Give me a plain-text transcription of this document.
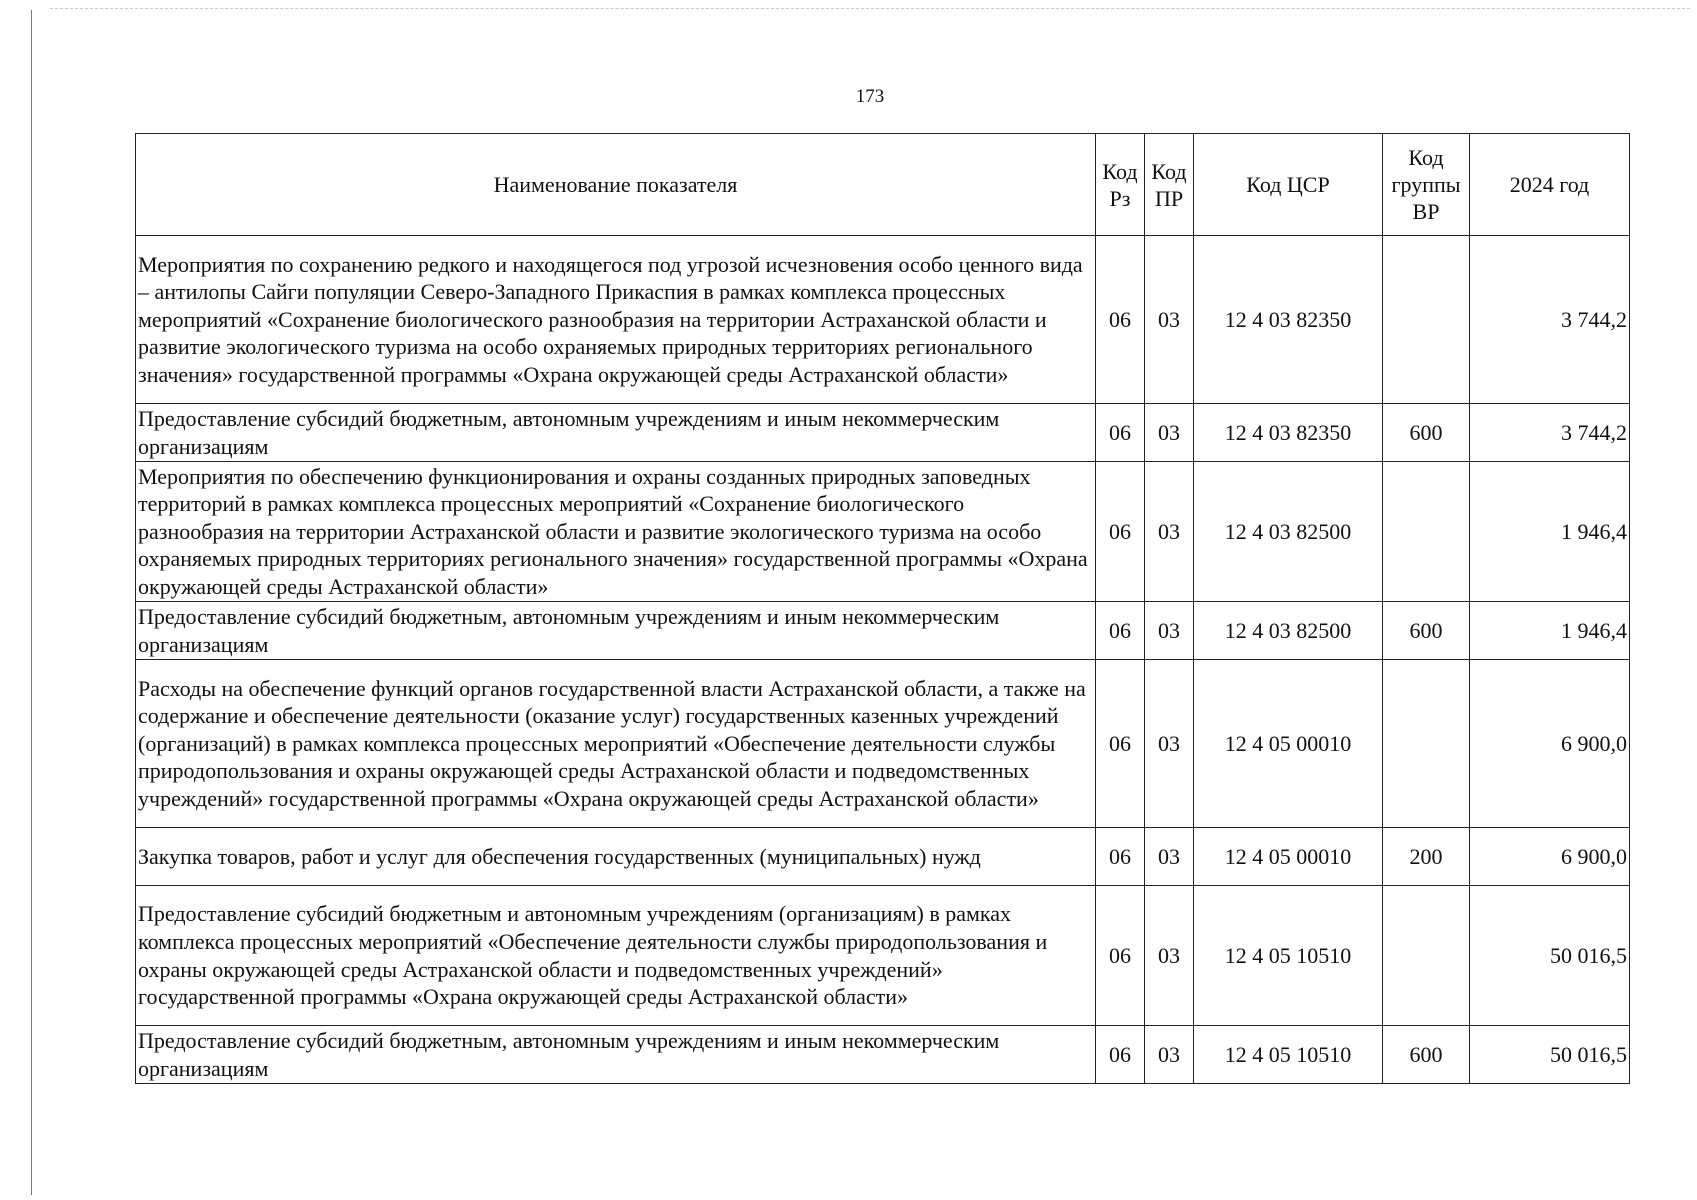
173
Наименование показателя	Код Рз	Код ПР	Код ЦСР	Код группы ВР	2024 год
Мероприятия по сохранению редкого и находящегося под угрозой исчезновения особо ценного вида – антилопы Сайги популяции Северо-Западного Прикаспия в рамках комплекса процессных мероприятий «Сохранение биологического разнообразия на территории Астраханской области и развитие экологического туризма на особо охраняемых природных территориях регионального значения» государственной программы «Охрана окружающей среды Астраханской области»	06	03	12 4 03 82350		3 744,2
Предоставление субсидий бюджетным, автономным учреждениям и иным некоммерческим организациям	06	03	12 4 03 82350	600	3 744,2
Мероприятия по обеспечению функционирования и охраны созданных природных заповедных территорий в рамках комплекса процессных мероприятий «Сохранение биологического разнообразия на территории Астраханской области и развитие экологического туризма на особо охраняемых природных территориях регионального значения» государственной программы «Охрана окружающей среды Астраханской области»	06	03	12 4 03 82500		1 946,4
Предоставление субсидий бюджетным, автономным учреждениям и иным некоммерческим организациям	06	03	12 4 03 82500	600	1 946,4
Расходы на обеспечение функций органов государственной власти Астраханской области, а также на содержание и обеспечение деятельности (оказание услуг) государственных казенных учреждений (организаций) в рамках комплекса процессных мероприятий «Обеспечение деятельности службы природопользования и охраны окружающей среды Астраханской области и подведомственных учреждений» государственной программы «Охрана окружающей среды Астраханской области»	06	03	12 4 05 00010		6 900,0
Закупка товаров, работ и услуг для обеспечения государственных (муниципальных) нужд	06	03	12 4 05 00010	200	6 900,0
Предоставление субсидий бюджетным и автономным учреждениям (организациям) в рамках комплекса процессных мероприятий «Обеспечение деятельности службы природопользования и охраны окружающей среды Астраханской области и подведомственных учреждений» государственной программы «Охрана окружающей среды Астраханской области»	06	03	12 4 05 10510		50 016,5
Предоставление субсидий бюджетным, автономным учреждениям и иным некоммерческим организациям	06	03	12 4 05 10510	600	50 016,5
